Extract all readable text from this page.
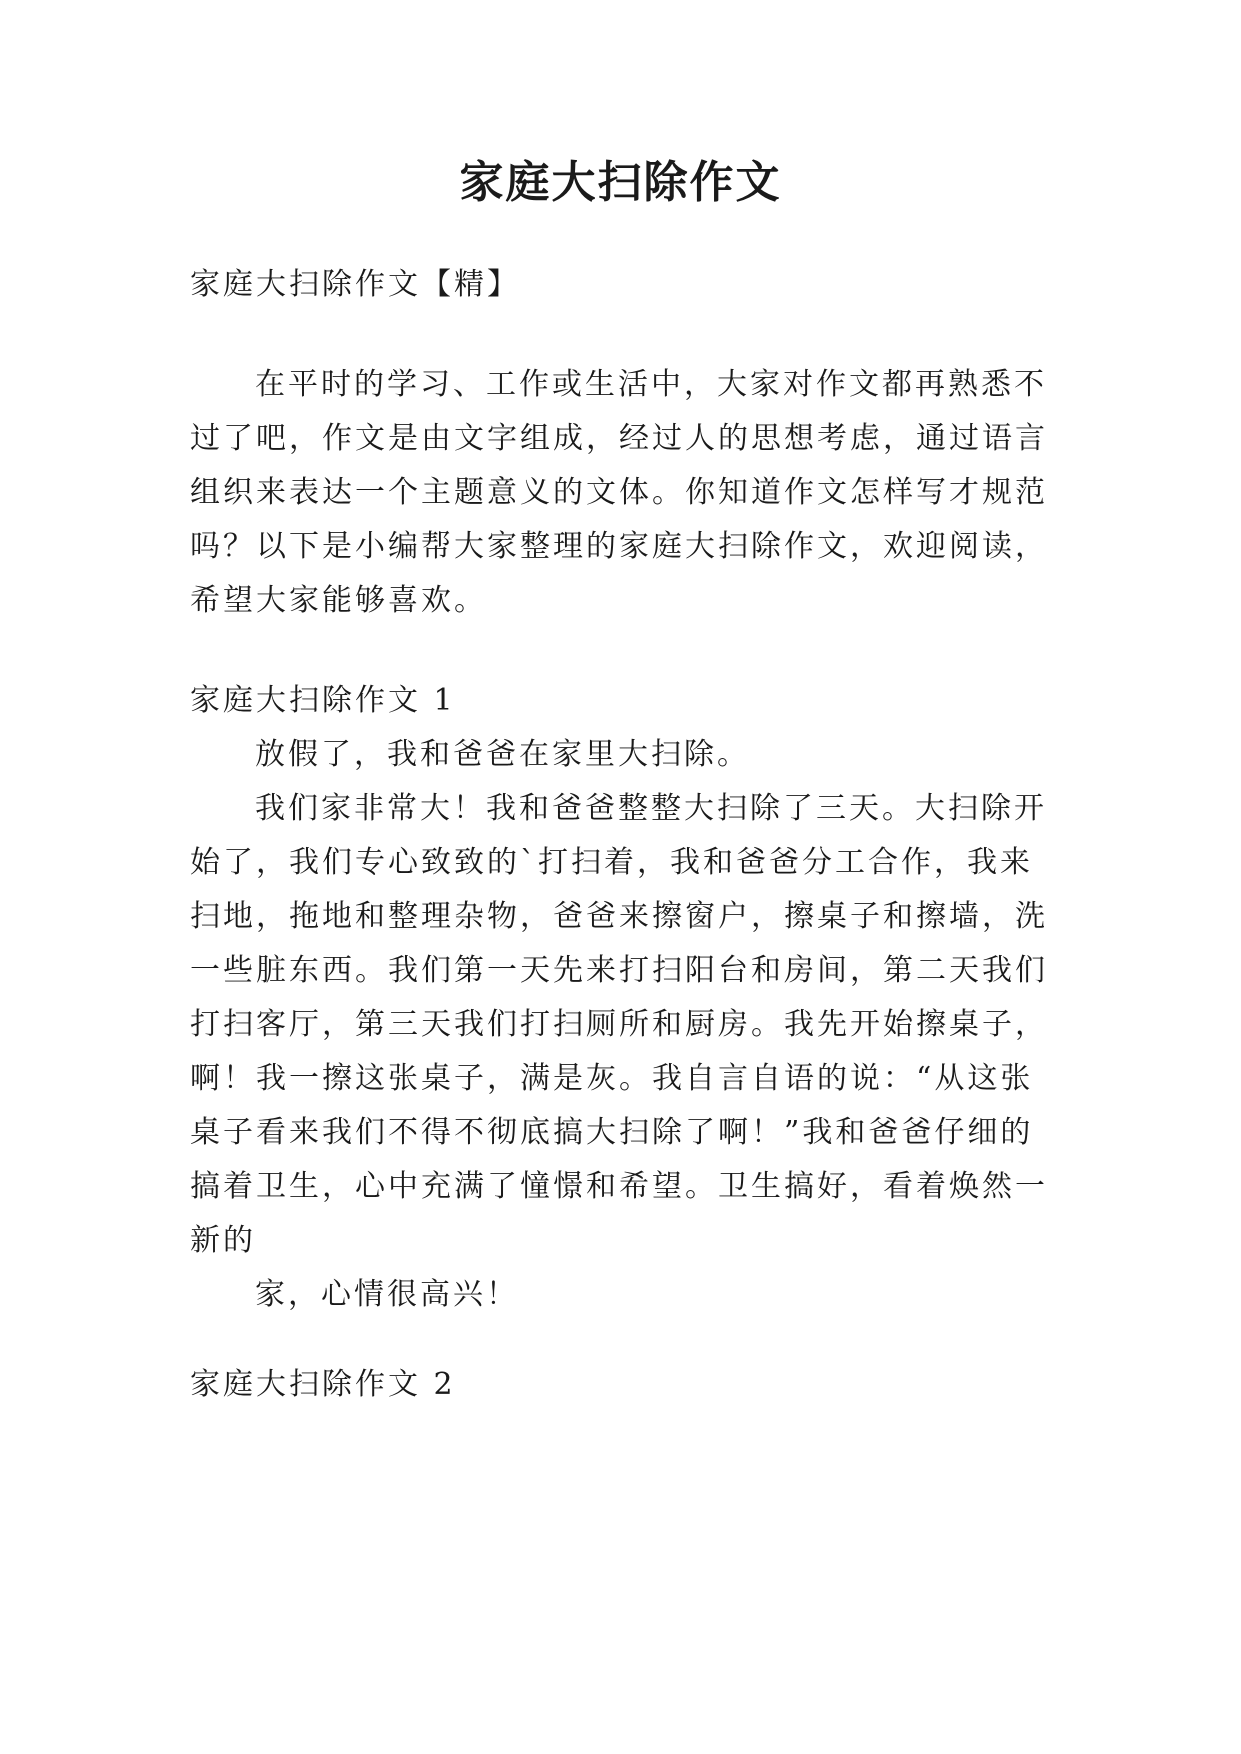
家庭大扫除作文

家庭大扫除作文【精】

在平时的学习、工作或生活中，大家对作文都再熟悉不

过了吧，作文是由文字组成，经过人的思想考虑，通过语言

组织来表达一个主题意义的文体。你知道作文怎样写才规范

吗？以下是小编帮大家整理的家庭大扫除作文，欢迎阅读，

希望大家能够喜欢。

家庭大扫除作文 1

放假了，我和爸爸在家里大扫除。

我们家非常大！我和爸爸整整大扫除了三天。大扫除开

始了，我们专心致致的`打扫着，我和爸爸分工合作，我来

扫地，拖地和整理杂物，爸爸来擦窗户，擦桌子和擦墙，洗

一些脏东西。我们第一天先来打扫阳台和房间，第二天我们

打扫客厅，第三天我们打扫厕所和厨房。我先开始擦桌子，

啊！我一擦这张桌子，满是灰。我自言自语的说：“从这张

桌子看来我们不得不彻底搞大扫除了啊！”我和爸爸仔细的

搞着卫生，心中充满了憧憬和希望。卫生搞好，看着焕然一

新的

家，心情很高兴！

家庭大扫除作文 2
